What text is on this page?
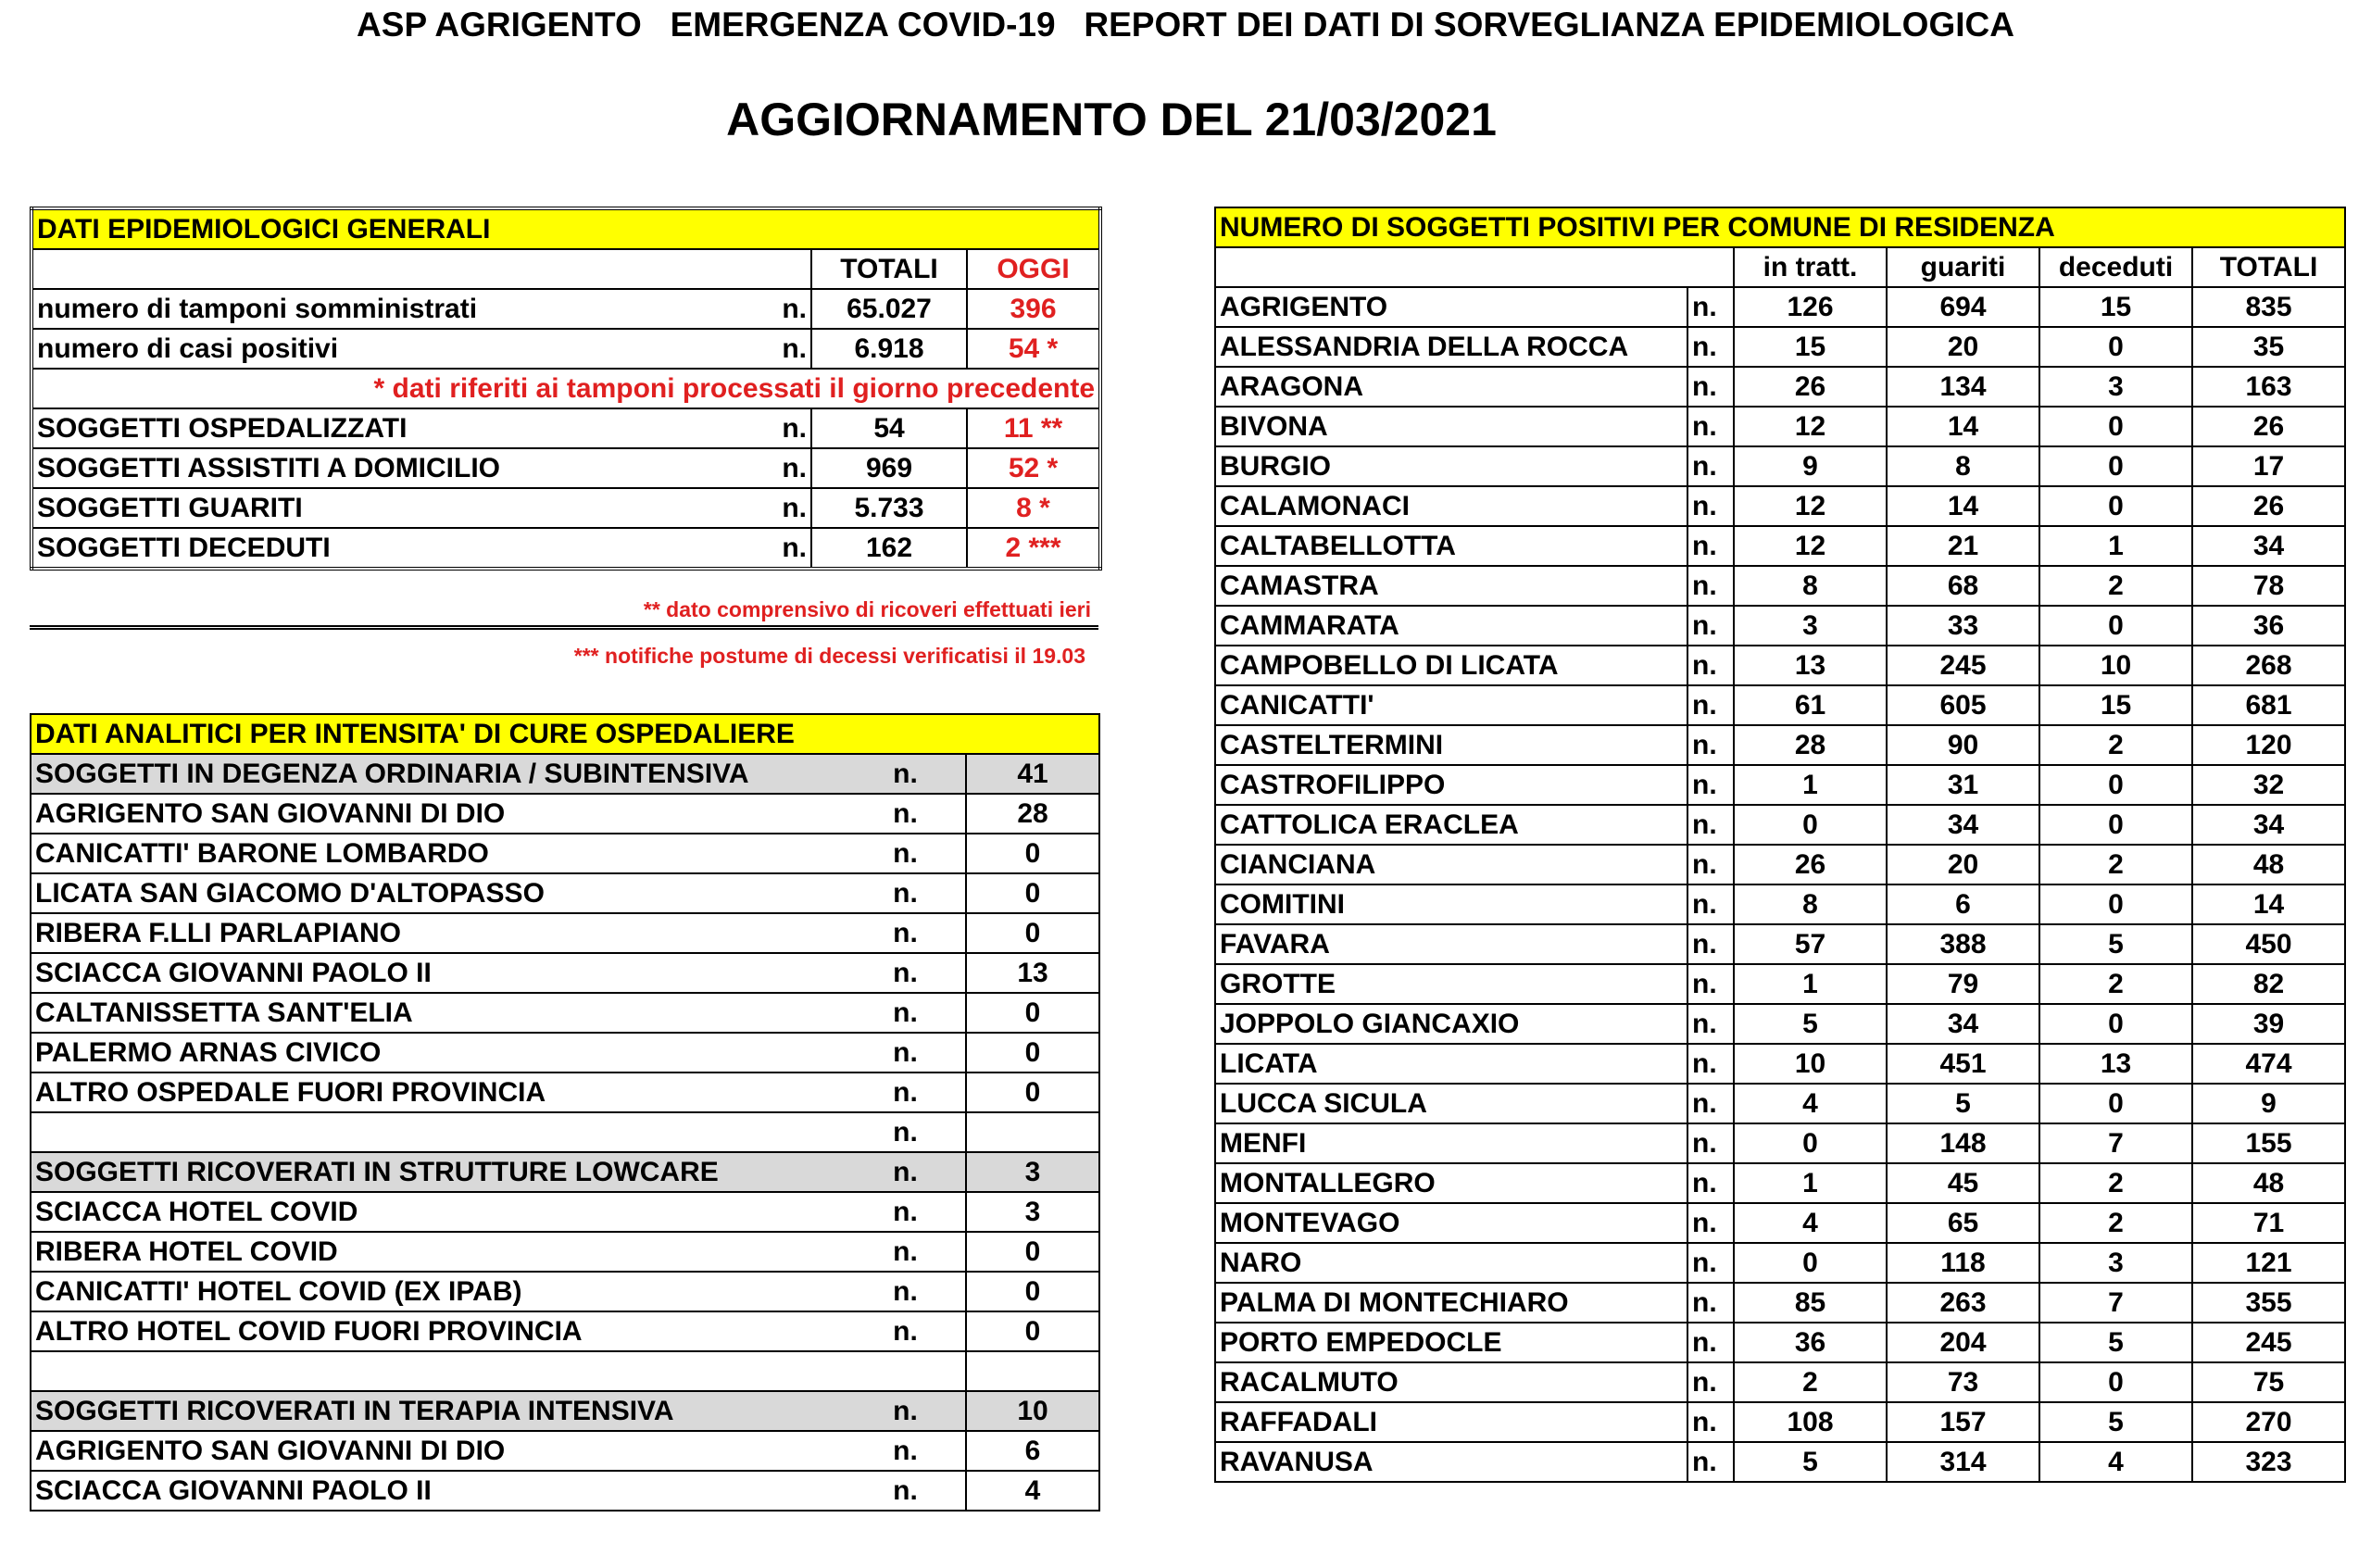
ASP AGRIGENTO   EMERGENZA COVID-19   REPORT DEI DATI DI SORVEGLIANZA EPIDEMIOLOGICA
AGGIORNAMENTO DEL 21/03/2021
DATI EPIDEMIOLOGICI GENERALI			
		TOTALI	OGGI
numero di tamponi somministrati	n.	65.027	396
numero di casi positivi	n.	6.918	54 *
* dati riferiti ai tamponi processati il giorno precedente			
SOGGETTI OSPEDALIZZATI	n.	54	11 **
SOGGETTI ASSISTITI A DOMICILIO	n.	969	52 *
SOGGETTI GUARITI	n.	5.733	8 *
SOGGETTI DECEDUTI	n.	162	2 ***
** dato comprensivo di ricoveri effettuati ieri
*** notifiche postume di decessi verificatisi il 19.03
DATI ANALITICI PER INTENSITA' DI CURE OSPEDALIERE		
SOGGETTI IN DEGENZA ORDINARIA / SUBINTENSIVA	n.	41
AGRIGENTO SAN GIOVANNI DI DIO	n.	28
CANICATTI' BARONE LOMBARDO	n.	0
LICATA SAN GIACOMO D'ALTOPASSO	n.	0
RIBERA F.LLI PARLAPIANO	n.	0
SCIACCA GIOVANNI PAOLO II	n.	13
CALTANISSETTA SANT'ELIA	n.	0
PALERMO ARNAS CIVICO	n.	0
ALTRO OSPEDALE FUORI PROVINCIA	n.	0
	n.	
SOGGETTI RICOVERATI IN STRUTTURE LOWCARE	n.	3
SCIACCA HOTEL COVID	n.	3
RIBERA HOTEL COVID	n.	0
CANICATTI' HOTEL COVID (EX IPAB)	n.	0
ALTRO HOTEL COVID FUORI PROVINCIA	n.	0

SOGGETTI RICOVERATI IN TERAPIA INTENSIVA	n.	10
AGRIGENTO SAN GIOVANNI DI DIO	n.	6
SCIACCA GIOVANNI PAOLO II	n.	4
NUMERO DI SOGGETTI POSITIVI PER COMUNE DI RESIDENZA					
		in tratt.	guariti	deceduti	TOTALI
AGRIGENTO	n.	126	694	15	835
ALESSANDRIA DELLA ROCCA	n.	15	20	0	35
ARAGONA	n.	26	134	3	163
BIVONA	n.	12	14	0	26
BURGIO	n.	9	8	0	17
CALAMONACI	n.	12	14	0	26
CALTABELLOTTA	n.	12	21	1	34
CAMASTRA	n.	8	68	2	78
CAMMARATA	n.	3	33	0	36
CAMPOBELLO DI LICATA	n.	13	245	10	268
CANICATTI'	n.	61	605	15	681
CASTELTERMINI	n.	28	90	2	120
CASTROFILIPPO	n.	1	31	0	32
CATTOLICA ERACLEA	n.	0	34	0	34
CIANCIANA	n.	26	20	2	48
COMITINI	n.	8	6	0	14
FAVARA	n.	57	388	5	450
GROTTE	n.	1	79	2	82
JOPPOLO GIANCAXIO	n.	5	34	0	39
LICATA	n.	10	451	13	474
LUCCA SICULA	n.	4	5	0	9
MENFI	n.	0	148	7	155
MONTALLEGRO	n.	1	45	2	48
MONTEVAGO	n.	4	65	2	71
NARO	n.	0	118	3	121
PALMA DI MONTECHIARO	n.	85	263	7	355
PORTO EMPEDOCLE	n.	36	204	5	245
RACALMUTO	n.	2	73	0	75
RAFFADALI	n.	108	157	5	270
RAVANUSA	n.	5	314	4	323
